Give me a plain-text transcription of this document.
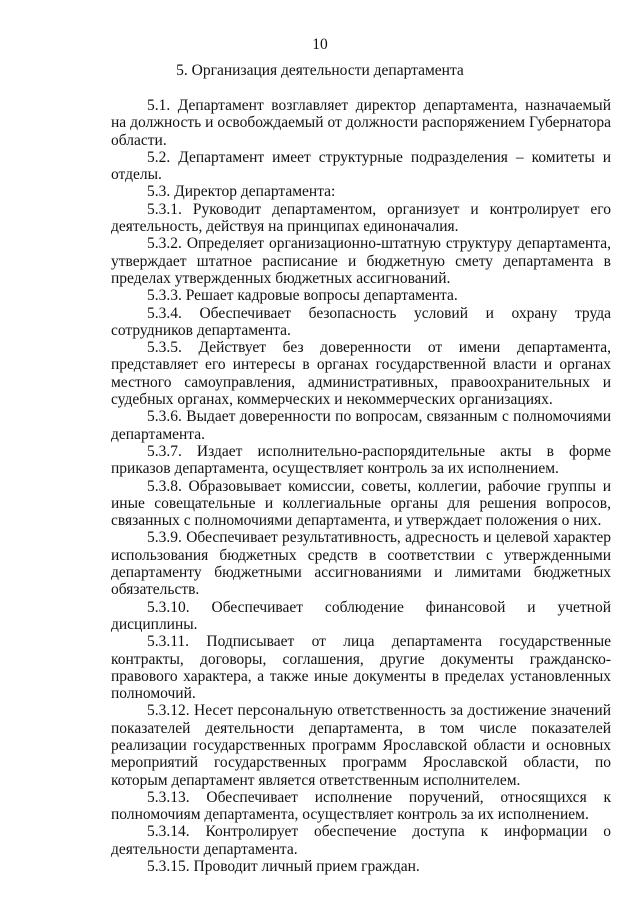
10
5. Организация деятельности департамента

5.1. Департамент возглавляет директор департамента, назначаемый на должность и освобождаемый от должности распоряжением Губернатора области.

5.2. Департамент имеет структурные подразделения – комитеты и отделы.

5.3. Директор департамента:

5.3.1. Руководит департаментом, организует и контролирует его деятельность, действуя на принципах единоначалия.

5.3.2. Определяет организационно-штатную структуру департамента, утверждает штатное расписание и бюджетную смету департамента в пределах утвержденных бюджетных ассигнований.

5.3.3. Решает кадровые вопросы департамента.

5.3.4. Обеспечивает безопасность условий и охрану труда сотрудников департамента.

5.3.5. Действует без доверенности от имени департамента, представляет его интересы в органах государственной власти и органах местного самоуправления, административных, правоохранительных и судебных органах, коммерческих и некоммерческих организациях.

5.3.6. Выдает доверенности по вопросам, связанным с полномочиями департамента.

5.3.7. Издает исполнительно-распорядительные акты в форме приказов департамента, осуществляет контроль за их исполнением.

5.3.8. Образовывает комиссии, советы, коллегии, рабочие группы и иные совещательные и коллегиальные органы для решения вопросов, связанных с полномочиями департамента, и утверждает положения о них.

5.3.9. Обеспечивает результативность, адресность и целевой характер использования бюджетных средств в соответствии с утвержденными департаменту бюджетными ассигнованиями и лимитами бюджетных обязательств.

5.3.10. Обеспечивает соблюдение финансовой и учетной дисциплины.

5.3.11. Подписывает от лица департамента государственные контракты, договоры, соглашения, другие документы гражданско-правового характера, а также иные документы в пределах установленных полномочий.

5.3.12. Несет персональную ответственность за достижение значений показателей деятельности департамента, в том числе показателей реализации государственных программ Ярославской области и основных мероприятий государственных программ Ярославской области, по которым департамент является ответственным исполнителем.

5.3.13. Обеспечивает исполнение поручений, относящихся к полномочиям департамента, осуществляет контроль за их исполнением.

5.3.14. Контролирует обеспечение доступа к информации о деятельности департамента.

5.3.15. Проводит личный прием граждан.
